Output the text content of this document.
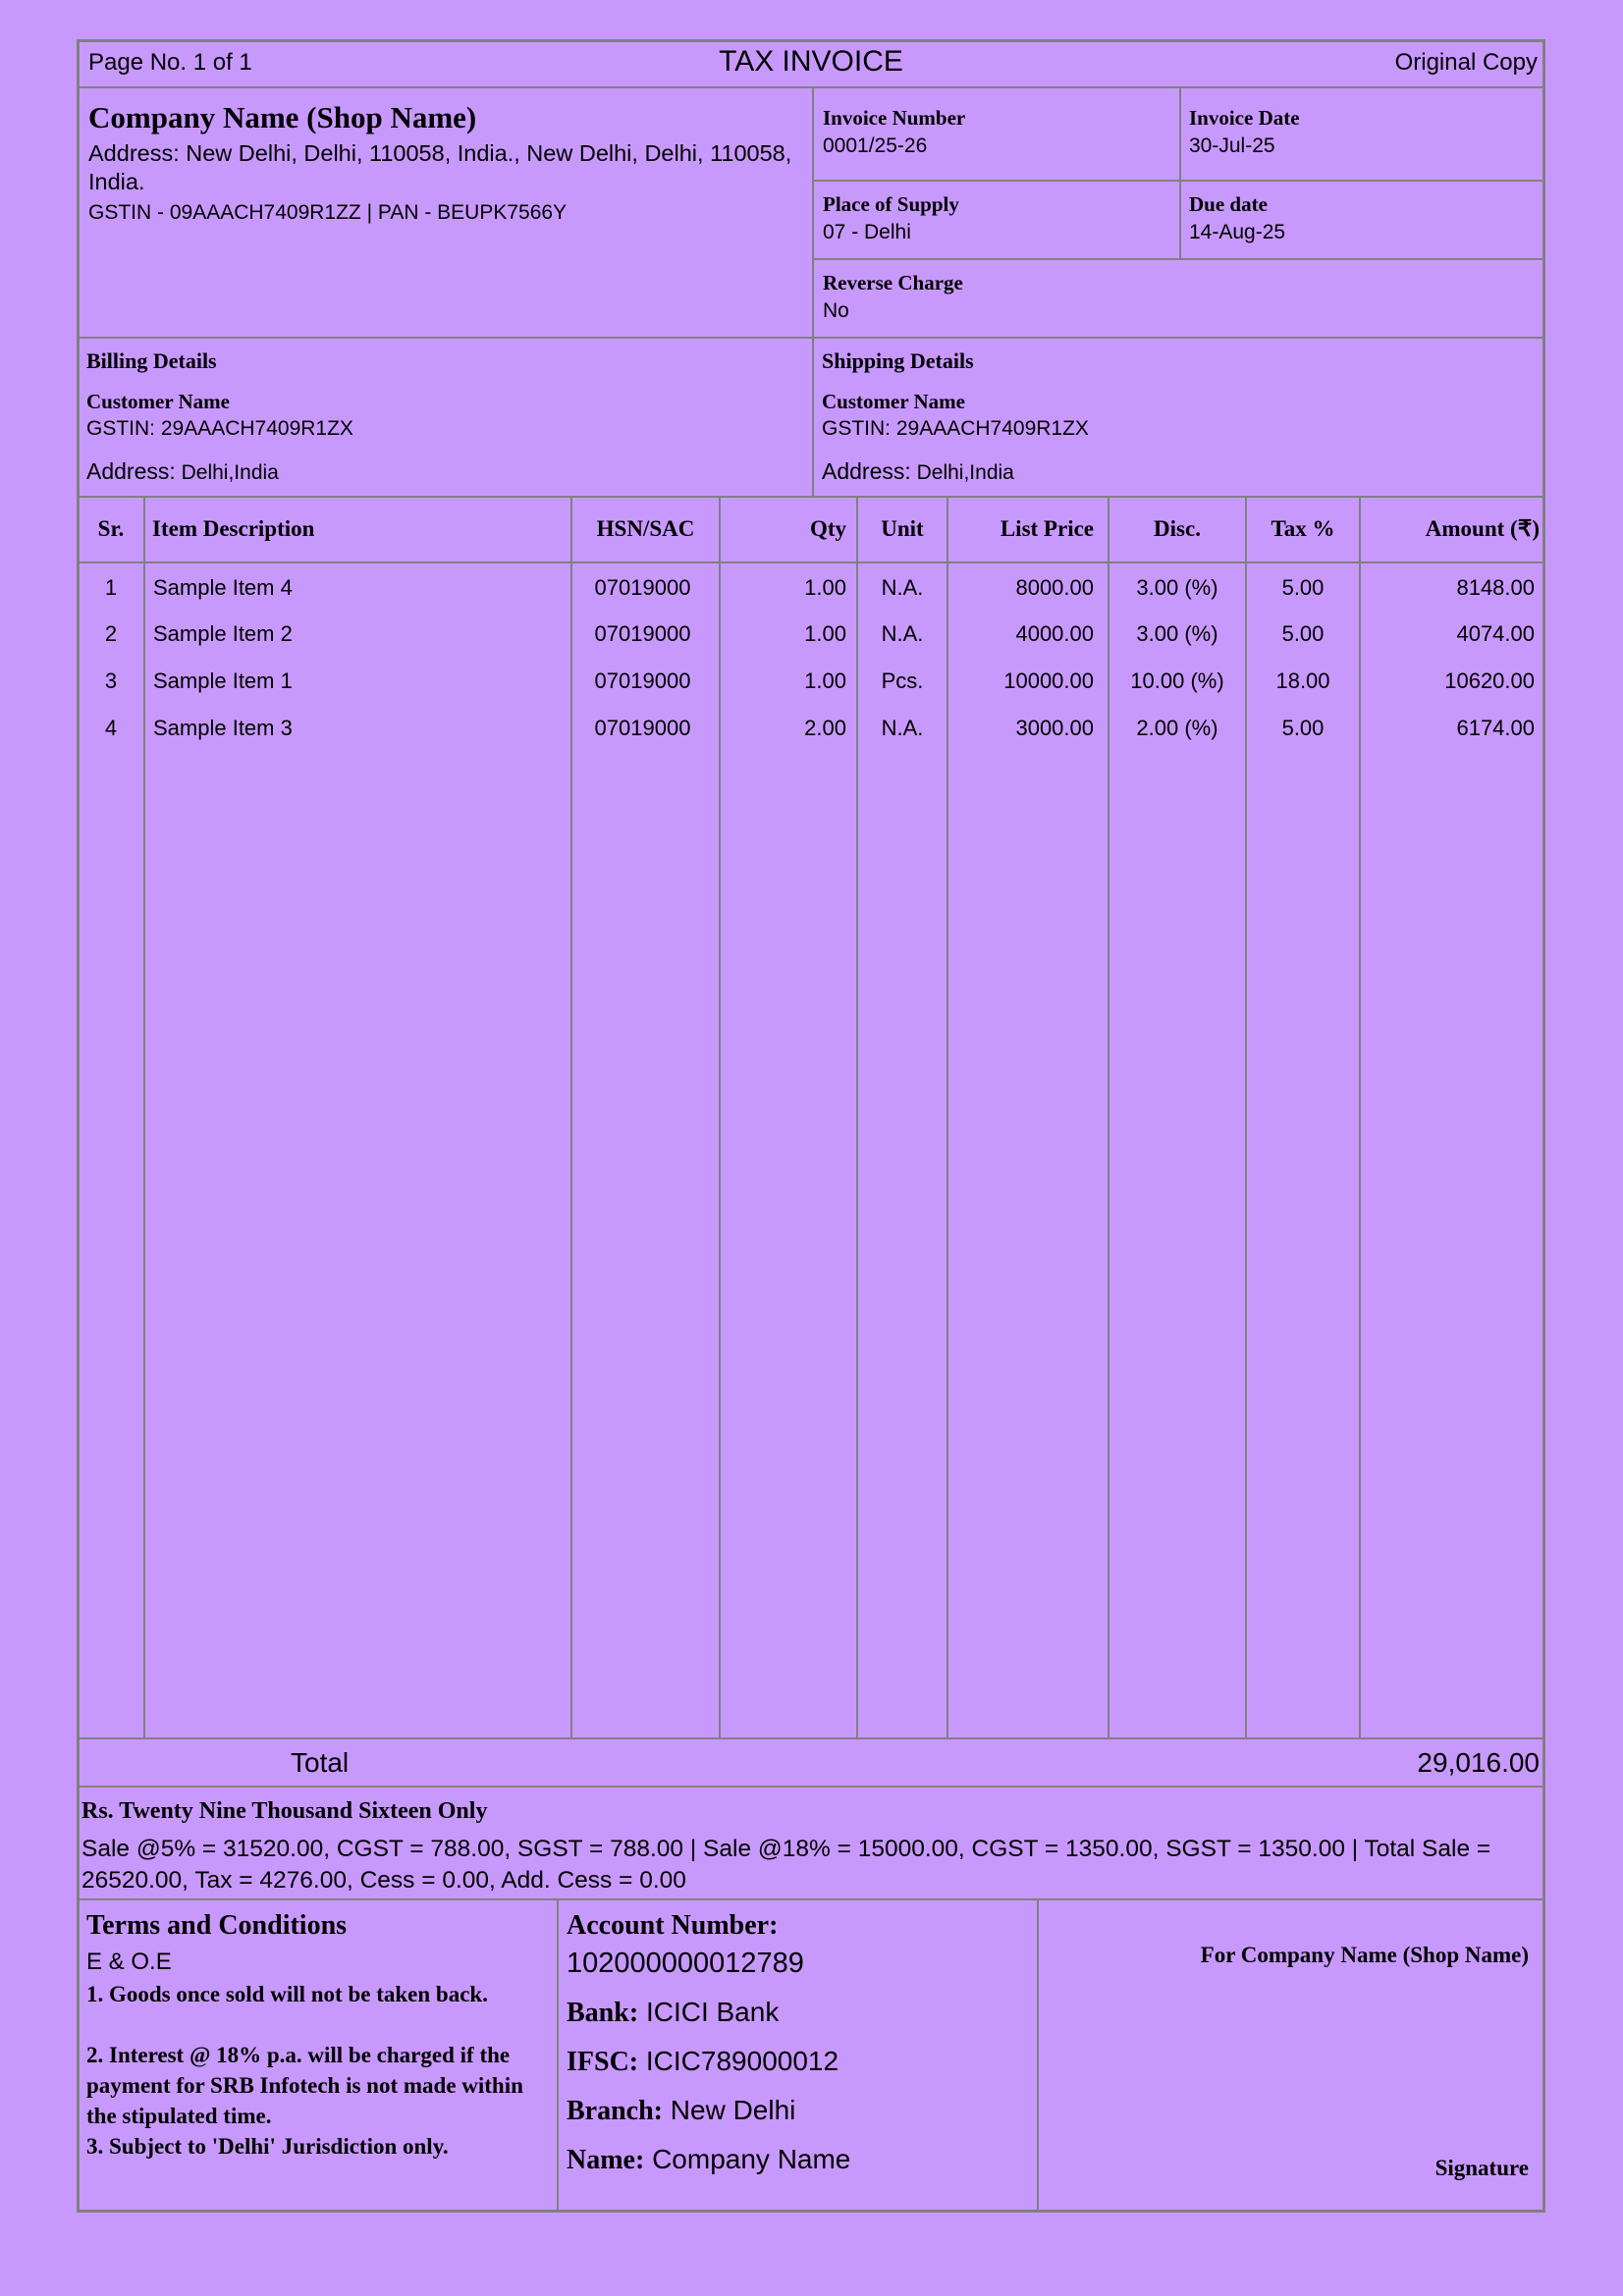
Page No. 1 of 1	TAX INVOICE	Original Copy
Company Name (Shop Name)
Address: New Delhi, Delhi, 110058, India., New Delhi, Delhi, 110058, India.
GSTIN - 09AAACH7409R1ZZ | PAN - BEUPK7566Y
Invoice Number
0001/25-26
Invoice Date
30-Jul-25
Place of Supply
07 - Delhi
Due date
14-Aug-25
Reverse Charge
No
Billing Details
Customer Name
GSTIN: 29AAACH7409R1ZX
Address: Delhi,India
Shipping Details
Customer Name
GSTIN: 29AAACH7409R1ZX
Address: Delhi,India
Sr.	Item Description	HSN/SAC	Qty	Unit	List Price	Disc.	Tax %	Amount (₹)
1	Sample Item 4	07019000	1.00	N.A.	8000.00	3.00 (%)	5.00	8148.00
2	Sample Item 2	07019000	1.00	N.A.	4000.00	3.00 (%)	5.00	4074.00
3	Sample Item 1	07019000	1.00	Pcs.	10000.00	10.00 (%)	18.00	10620.00
4	Sample Item 3	07019000	2.00	N.A.	3000.00	2.00 (%)	5.00	6174.00
Total	29,016.00
Rs. Twenty Nine Thousand Sixteen Only
Sale @5% = 31520.00, CGST = 788.00, SGST = 788.00 | Sale @18% = 15000.00, CGST = 1350.00, SGST = 1350.00 | Total Sale = 26520.00, Tax = 4276.00, Cess = 0.00, Add. Cess = 0.00
Terms and Conditions
E & O.E
1. Goods once sold will not be taken back.
2. Interest @ 18% p.a. will be charged if the payment for SRB Infotech is not made within the stipulated time.
3. Subject to 'Delhi' Jurisdiction only.
Account Number:
102000000012789
Bank: ICICI Bank
IFSC: ICIC789000012
Branch: New Delhi
Name: Company Name
For Company Name (Shop Name)
Signature
